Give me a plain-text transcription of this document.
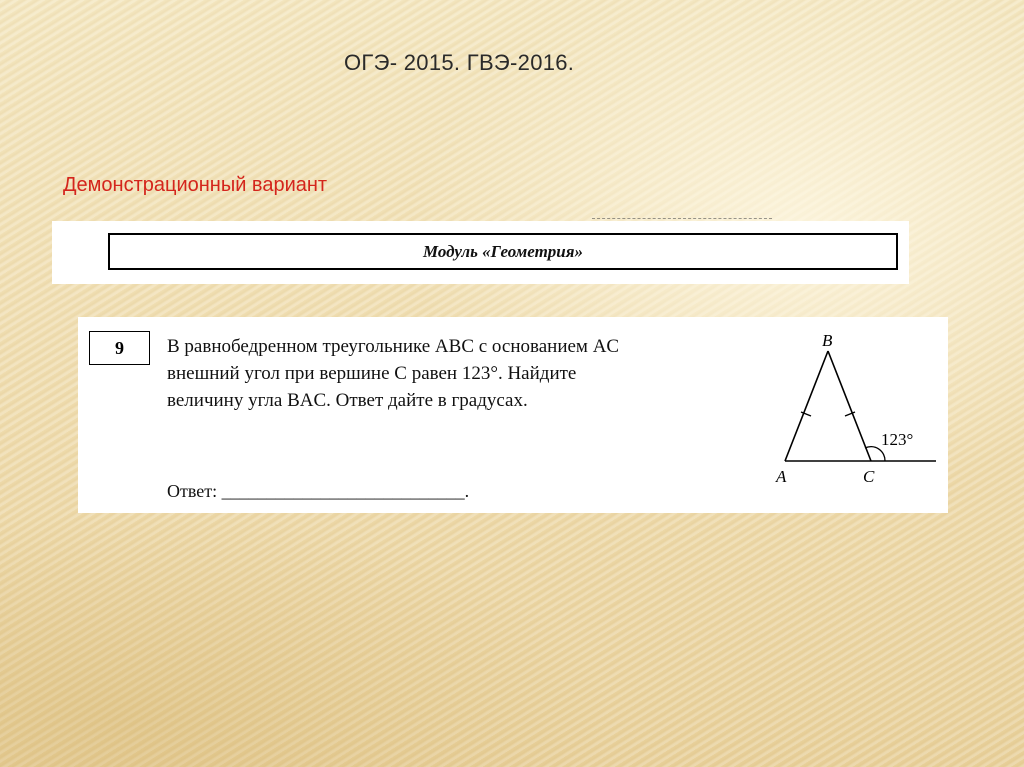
ОГЭ- 2015. ГВЭ-2016.
Демонстрационный вариант
Модуль «Геометрия»
9	В равнобедренном треугольнике ABC с основанием AC
внешний угол при вершине C равен 123°. Найдите
величину угла BAC. Ответ дайте в градусах.
Ответ: ___________________________.
B
A	C
123°
